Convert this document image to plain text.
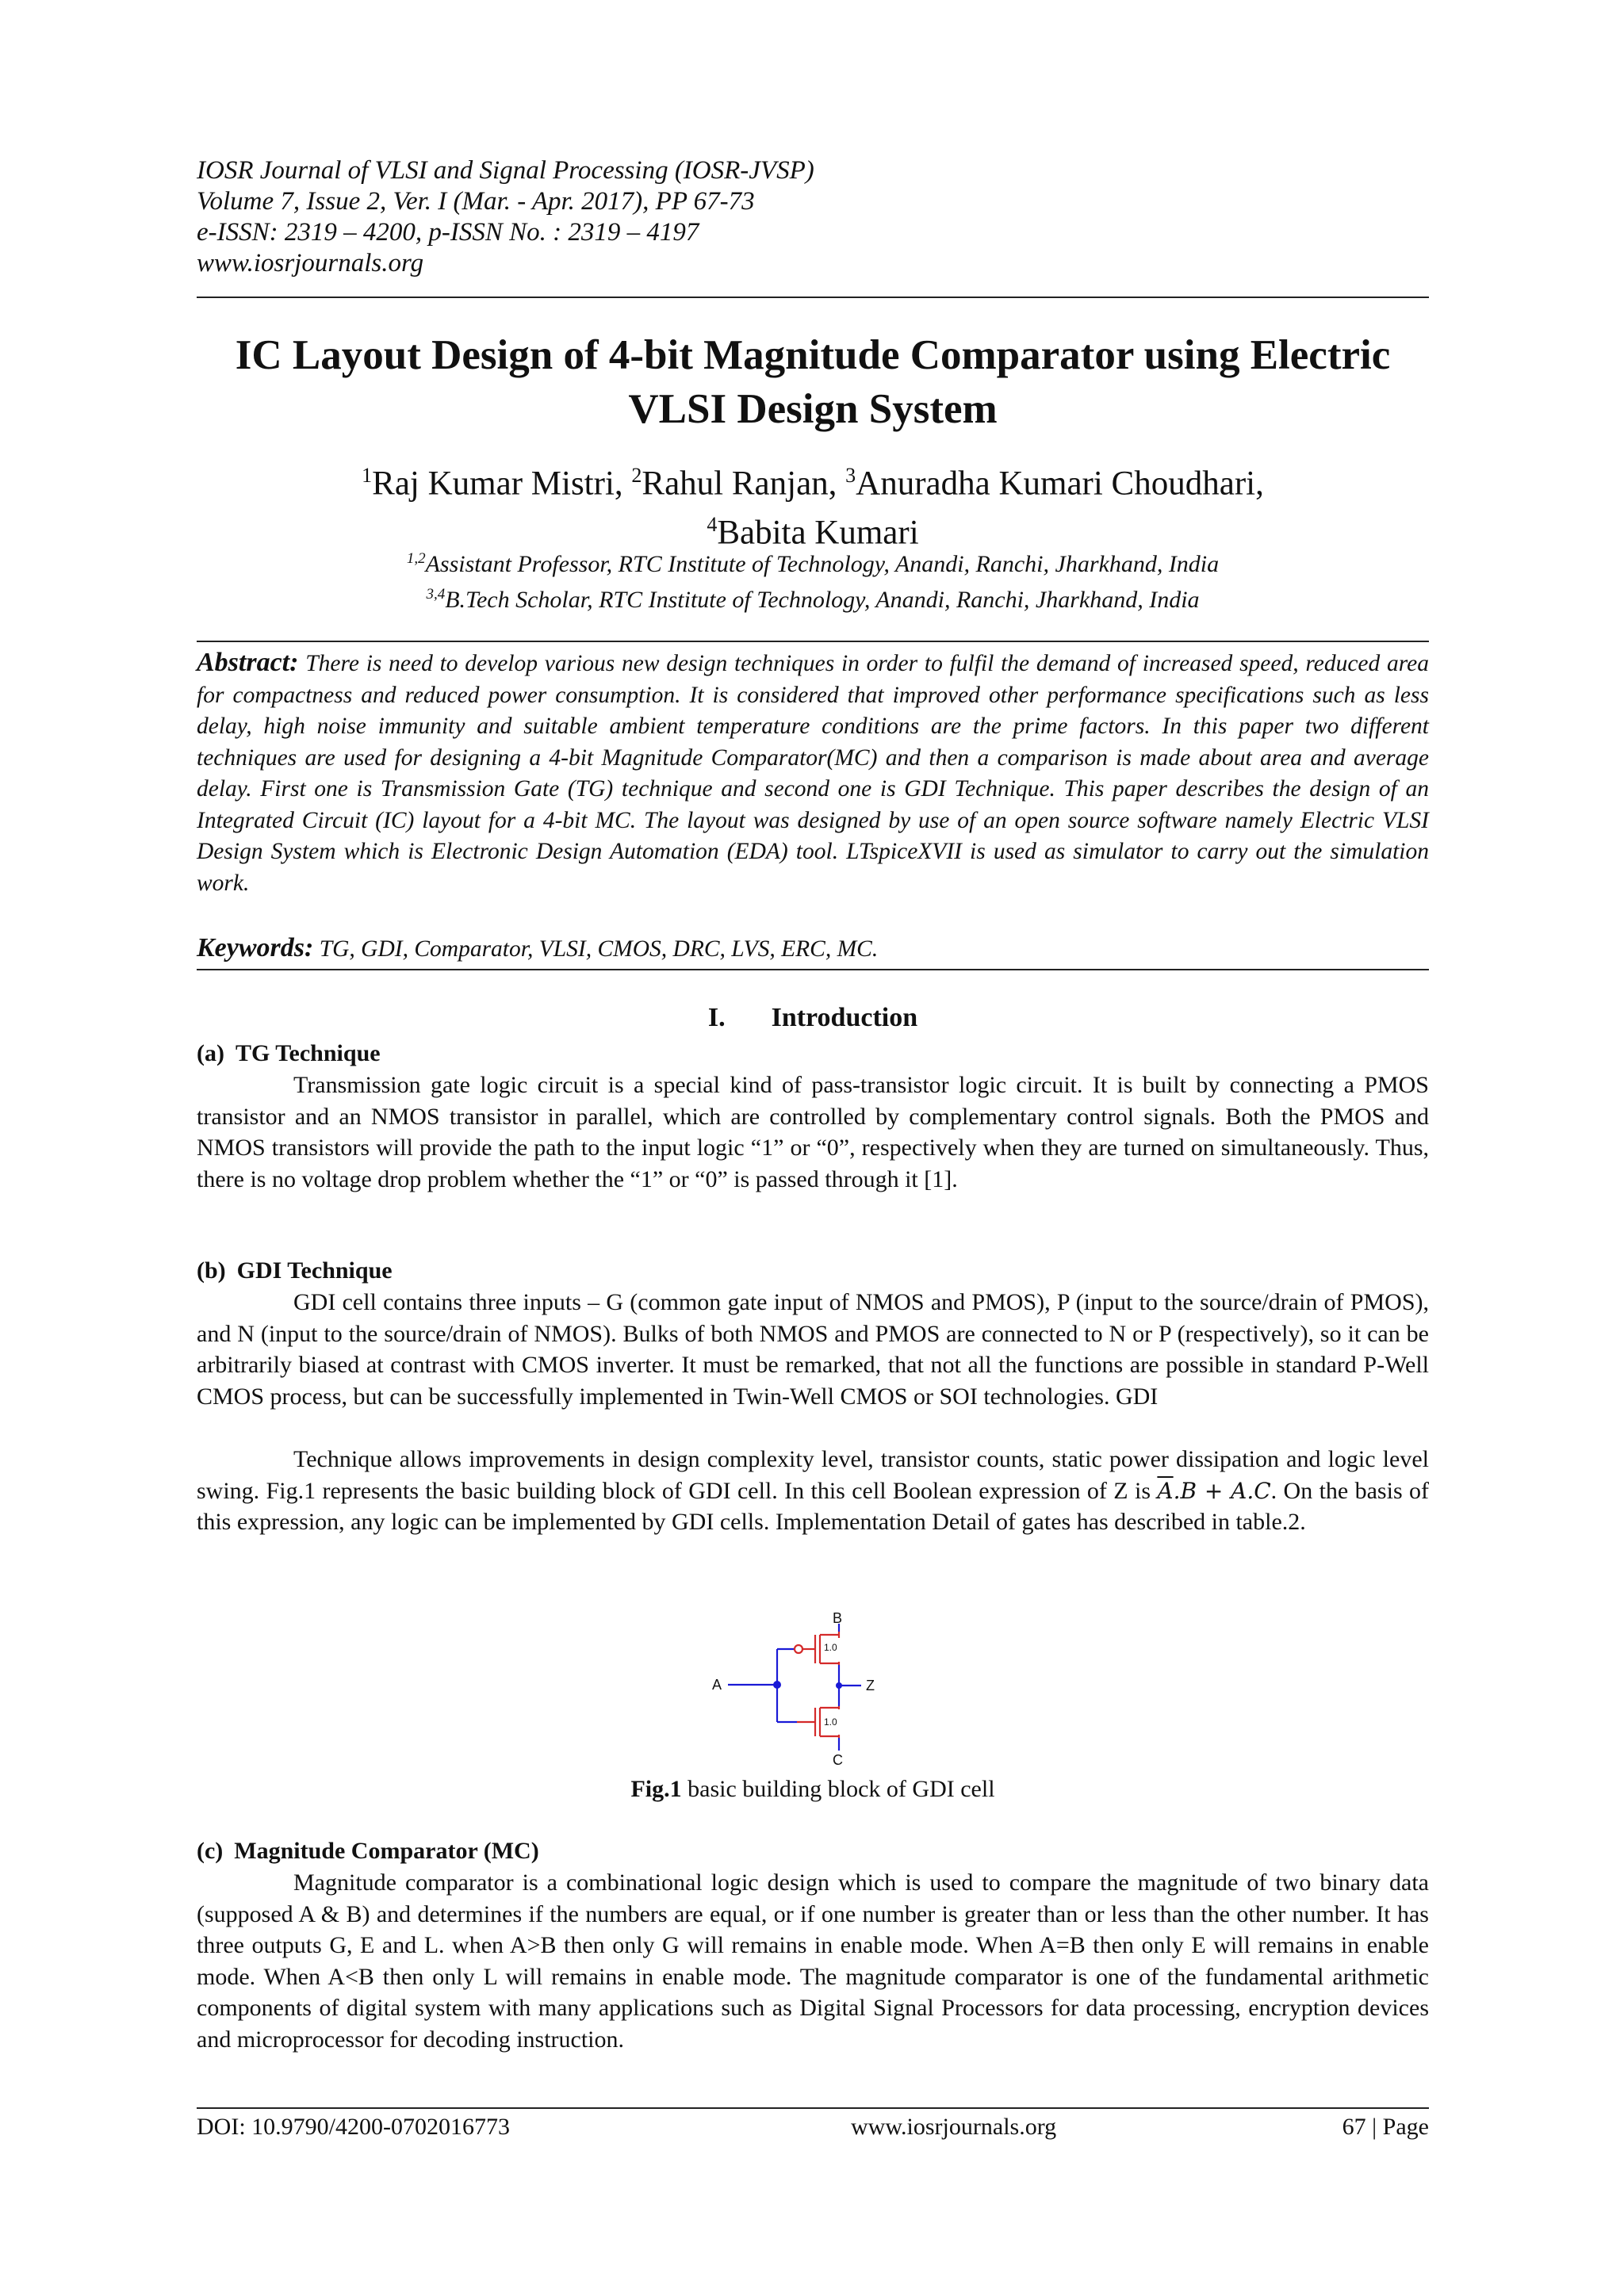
IOSR Journal of VLSI and Signal Processing (IOSR-JVSP)
Volume 7, Issue 2, Ver. I (Mar. - Apr. 2017), PP 67-73
e-ISSN: 2319 – 4200, p-ISSN No. : 2319 – 4197
www.iosrjournals.org
IC Layout Design of 4-bit Magnitude Comparator using Electric
VLSI Design System
$^1$Raj Kumar Mistri, $^2$Rahul Ranjan, $^3$Anuradha Kumari Choudhari,
$^4$Babita Kumari
$^{1,2}$Assistant Professor, RTC Institute of Technology, Anandi, Ranchi, Jharkhand, India
$^{3,4}$B.Tech Scholar, RTC Institute of Technology, Anandi, Ranchi, Jharkhand, India
Abstract: There is need to develop various new design techniques in order to fulfil the demand of increased speed, reduced area for compactness and reduced power consumption. It is considered that improved other performance specifications such as less delay, high noise immunity and suitable ambient temperature conditions are the prime factors. In this paper two different techniques are used for designing a 4-bit Magnitude Comparator(MC) and then a comparison is made about area and average delay. First one is Transmission Gate (TG) technique and second one is GDI Technique. This paper describes the design of an Integrated Circuit (IC) layout for a 4-bit MC. The layout was designed by use of an open source software namely Electric VLSI Design System which is Electronic Design Automation (EDA) tool. LTspiceXVII is used as simulator to carry out the simulation work.
Keywords: TG, GDI, Comparator, VLSI, CMOS, DRC, LVS, ERC, MC.
I. Introduction
(a) TG Technique
Transmission gate logic circuit is a special kind of pass-transistor logic circuit. It is built by connecting a PMOS transistor and an NMOS transistor in parallel, which are controlled by complementary control signals. Both the PMOS and NMOS transistors will provide the path to the input logic “1” or “0”, respectively when they are turned on simultaneously. Thus, there is no voltage drop problem whether the “1” or “0” is passed through it [1].
(b) GDI Technique
GDI cell contains three inputs – G (common gate input of NMOS and PMOS), P (input to the source/drain of PMOS), and N (input to the source/drain of NMOS). Bulks of both NMOS and PMOS are connected to N or P (respectively), so it can be arbitrarily biased at contrast with CMOS inverter. It must be remarked, that not all the functions are possible in standard P-Well CMOS process, but can be successfully implemented in Twin-Well CMOS or SOI technologies. GDI
Technique allows improvements in design complexity level, transistor counts, static power dissipation and logic level swing. Fig.1 represents the basic building block of GDI cell. In this cell Boolean expression of Z is $\overline{A}.B + A.C$. On the basis of this expression, any logic can be implemented by GDI cells. Implementation Detail of gates has described in table.2.
B
A	Z
C
1.0
1.0
Fig.1 basic building block of GDI cell
(c) Magnitude Comparator (MC)
Magnitude comparator is a combinational logic design which is used to compare the magnitude of two binary data (supposed A & B) and determines if the numbers are equal, or if one number is greater than or less than the other number. It has three outputs G, E and L. when A>B then only G will remains in enable mode. When A=B then only E will remains in enable mode. When A<B then only L will remains in enable mode. The magnitude comparator is one of the fundamental arithmetic components of digital system with many applications such as Digital Signal Processors for data processing, encryption devices and microprocessor for decoding instruction.
DOI: 10.9790/4200-0702016773	www.iosrjournals.org	67 | Page
